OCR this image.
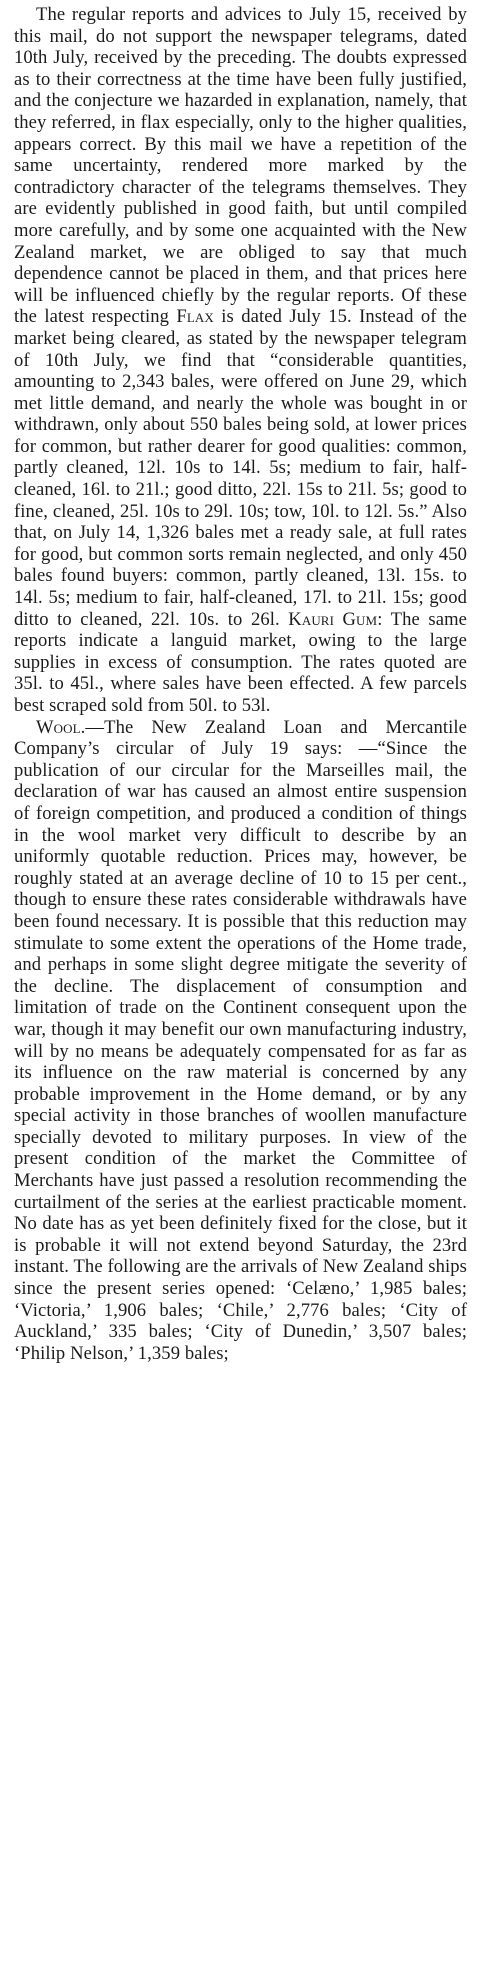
The regular reports and advices to July 15, received by this mail, do not support the newspaper telegrams, dated 10th July, received by the preceding. The doubts expressed as to their correctness at the time have been fully justified, and the conjecture we hazarded in explanation, namely, that they referred, in flax especially, only to the higher qualities, appears correct. By this mail we have a repetition of the same uncertainty, rendered more marked by the contradictory character of the telegrams themselves. They are evidently published in good faith, but until compiled more carefully, and by some one acquainted with the New Zealand market, we are obliged to say that much dependence cannot be placed in them, and that prices here will be influenced chiefly by the regular reports. Of these the latest respecting Flax is dated July 15. Instead of the market being cleared, as stated by the newspaper telegram of 10th July, we find that “considerable quantities, amounting to 2,343 bales, were offered on June 29, which met little demand, and nearly the whole was bought in or withdrawn, only about 550 bales being sold, at lower prices for common, but rather dearer for good qualities: common, partly cleaned, 12l. 10s to 14l. 5s; medium to fair, half-cleaned, 16l. to 21l.; good ditto, 22l. 15s to 21l. 5s; good to fine, cleaned, 25l. 10s to 29l. 10s; tow, 10l. to 12l. 5s.” Also that, on July 14, 1,326 bales met a ready sale, at full rates for good, but common sorts remain neglected, and only 450 bales found buyers: common, partly cleaned, 13l. 15s. to 14l. 5s; medium to fair, half-cleaned, 17l. to 21l. 15s; good ditto to cleaned, 22l. 10s. to 26l. Kauri Gum: The same reports indicate a languid market, owing to the large supplies in excess of consumption. The rates quoted are 35l. to 45l., where sales have been effected. A few parcels best scraped sold from 50l. to 53l.

Wool.—The New Zealand Loan and Mercantile Company’s circular of July 19 says: —“Since the publication of our circular for the Marseilles mail, the declaration of war has caused an almost entire suspension of foreign competition, and produced a condition of things in the wool market very difficult to describe by an uniformly quotable reduction. Prices may, however, be roughly stated at an average decline of 10 to 15 per cent., though to ensure these rates considerable withdrawals have been found necessary. It is possible that this reduction may stimulate to some extent the operations of the Home trade, and perhaps in some slight degree mitigate the severity of the decline. The displacement of consumption and limitation of trade on the Continent consequent upon the war, though it may benefit our own manufacturing industry, will by no means be adequately compensated for as far as its influence on the raw material is concerned by any probable improvement in the Home demand, or by any special activity in those branches of woollen manufacture specially devoted to military purposes. In view of the present condition of the market the Committee of Merchants have just passed a resolution recommending the curtailment of the series at the earliest practicable moment. No date has as yet been definitely fixed for the close, but it is probable it will not extend beyond Saturday, the 23rd instant. The following are the arrivals of New Zealand ships since the present series opened: ‘Celæno,’ 1,985 bales; ‘Victoria,’ 1,906 bales; ‘Chile,’ 2,776 bales; ‘City of Auckland,’ 335 bales; ‘City of Dunedin,’ 3,507 bales; ‘Philip Nelson,’ 1,359 bales;
